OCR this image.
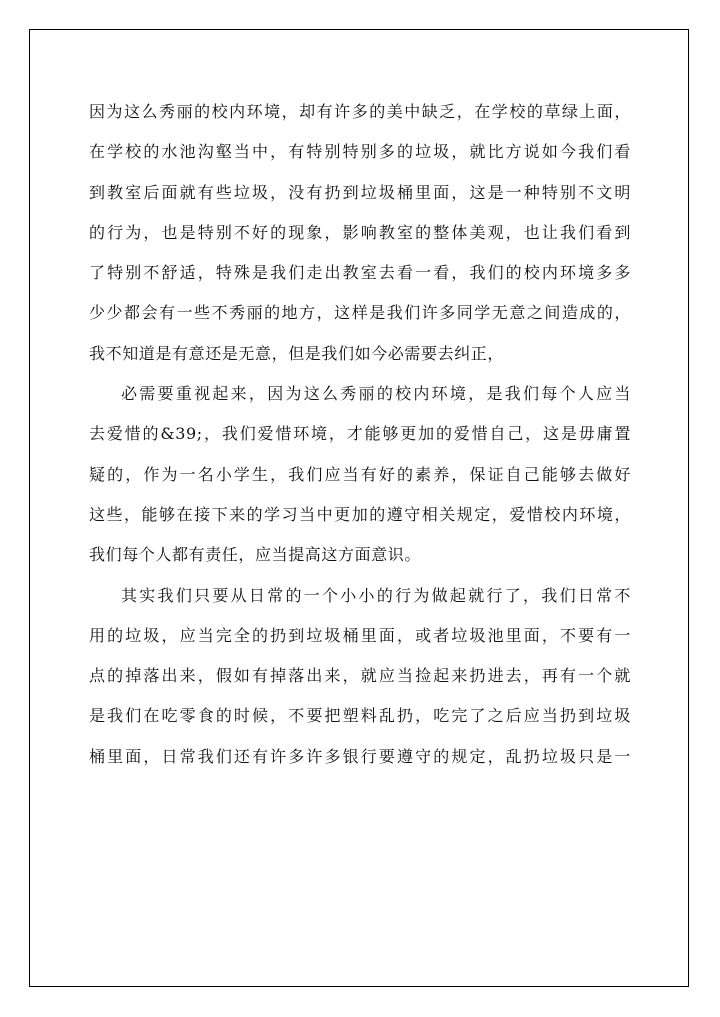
因为这么秀丽的校内环境，却有许多的美中缺乏，在学校的草绿上面，
在学校的水池沟壑当中，有特别特别多的垃圾，就比方说如今我们看
到教室后面就有些垃圾，没有扔到垃圾桶里面，这是一种特别不文明
的行为，也是特别不好的现象，影响教室的整体美观，也让我们看到
了特别不舒适，特殊是我们走出教室去看一看，我们的校内环境多多
少少都会有一些不秀丽的地方，这样是我们许多同学无意之间造成的，
我不知道是有意还是无意，但是我们如今必需要去纠正，
必需要重视起来，因为这么秀丽的校内环境，是我们每个人应当
去爱惜的&39;，我们爱惜环境，才能够更加的爱惜自己，这是毋庸置
疑的，作为一名小学生，我们应当有好的素养，保证自己能够去做好
这些，能够在接下来的学习当中更加的遵守相关规定，爱惜校内环境，
我们每个人都有责任，应当提高这方面意识。
其实我们只要从日常的一个小小的行为做起就行了，我们日常不
用的垃圾，应当完全的扔到垃圾桶里面，或者垃圾池里面，不要有一
点的掉落出来，假如有掉落出来，就应当捡起来扔进去，再有一个就
是我们在吃零食的时候，不要把塑料乱扔，吃完了之后应当扔到垃圾
桶里面，日常我们还有许多许多银行要遵守的规定，乱扔垃圾只是一
